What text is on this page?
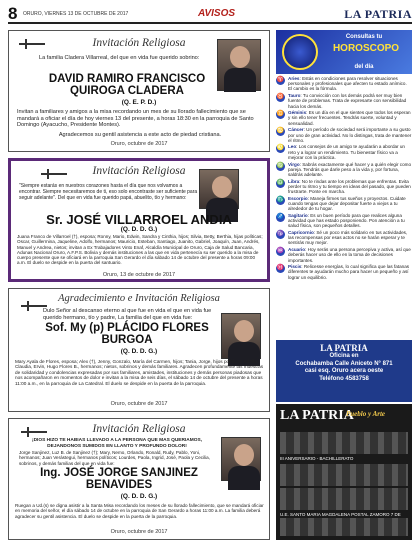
8 ORURO, VIERNES 13 DE OCTUBRE DE 2017	AVISOS	LA PATRIA
Invitación Religiosa
La familia Cladera Villarreal, del que en vida fue querido sobrino:
DAVID RAMIRO FRANCISCO QUIROGA CLADERA
(Q. E. P. D.)
Invitan a familiares y amigos a la misa recordando un mes de su llorado fallecimiento que se mandará a oficiar el día de hoy viernes 13 del presente, a horas 18:30 en la parroquia de Santo Domingo (Ayacucho, Presidente Montes).
Agradecemos su gentil asistencia a este acto de piedad cristiana.
Oruro, octubre de 2017
Invitación Religiosa
"Siempre estarás en nuestros corazones hasta el día que nos volvamos a encontrar. Siempre necesitaremos de ti, eso solo encontraste ser suficiente para seguir adelante". Del que en vida fue querido papá, abuelito, tío y hermano:
Sr. JOSÉ VILLARROEL ANDIA
(Q. D. D. G.)
Juana Franco de Villarroel (†), esposa; Ronny, Mario, Edwin, Sandra y Cinthia, hijos; Silvia, Betty, Berthia, hijas políticas; Oscar, Guillermina, Jaqueline, Adolfo, hermanos; Mauricio, Esteban, Santiago, Juanito, Gabriel, Joaquín, Juan, Andrés, Manuel y Andrea, nietos; invitan a Ex Trabajadores Vinto Enaf, Alcaldía Municipal de Oruro, Caja de Salud Bancaria, Adunas Nacional Oruro, A.F.P.S. Bolivia y demás instituciones a las que en vida pertenecía su ser querido a la misa de cuerpo presente que se oficiará en la parroquia San Gerardo el día sábado 14 de octubre del presente a horas 09:00 a.m. El duelo se despide en la puerta del santuario.
Oruro, 13 de octubre de 2017
Agradecimiento e Invitación Religiosa
Dulo Señor al descanso eterno al que fue en vida el que en vida fue querido hermano, tío y padre, La familia del que en vida fue:
Sof. My (p) PLÁCIDO FLORES BURGOA
(Q. D. D. G.)
Mary Ayala de Flores, esposa; Alex (†), Jenny, Gonzalo, María del Carmen, hijos; Tania, Jorge, hijos políticos; Adolfo, Claudia, Ervin, Hugo Flores B., hermanos; nietos, sobrinos y demás familiares. Agradecen profundamente las muestras de solidaridad y condolencias expresadas por sus familiares, amistades, instituciones y demás personas piadosas que nos acompañaron en momentos de dolor e invitan a la misa de seis días, el sábado 14 de octubre del presente a horas 11:00 a.m., en la parroquia de La Catedral. El duelo se despide en la puerta de la parroquia.
Oruro, octubre de 2017
Invitación Religiosa
¡DIOS HIZO TE HABIAS LLEVADO A LA PERSONA QUE MAS QUERIAMOS, DEJANDONOS SUMIDOS EN LLANTO Y PROFUNDO DOLOR!
Jorge Sanjinez, Luz B. de Sanjinez (†); Mary, Nemo, Orlando, Ronald, Rudy, Pablo, Yoni, hermanos; Juan Verástegui, hermanos políticos; Lourdes, Paola, Ingrid, José, Paola y Cecilia, sobrinos, y demás familias del que en vida fue:
Ing. JOSÉ JORGE SANJINEZ BENAVIDES
(Q. D. D. G.)
Ruegan a Ud.(s) se digna asistir a la Santa Misa recordando los meses de su llorado fallecimiento, que se mandará oficiar en memoria del señor, el día sábado 14 de octubre en la parroquia de San Gerardo a horas 11:00 a.m. La familia deberá agradecer su gentil asistencia. El duelo se despide en la puerta de la parroquia.
Oruro, octubre de 2017
Consultas tu
HOROSCOPO
del día
♈ Aries: Estás en condiciones para resolver situaciones personales y profesionales que afecten tu estado anímico. El cambio es la fórmula.
♉ Tauro: Tu convicción con los demás podrá ser muy bien fuente de problemas. Trata de expresarte con sensibilidad hacia los demás.
♊ Géminis: Es un día en el que sientes que todos los esperan y sin ello tener frecuentes. Tendrás suerte, voluntad y sensualidad.
♋ Cáncer: Un período de sociedad será importante a su gusto por uno de gran actividad. No lo distingas, trata de mantener el ritmo.
♌ Leo: Los consejos de un amigo te ayudarán a abordar un reto y a lograr un rendimiento. Tu bienestar físico va a mejorar con la práctica.
♍ Virgo: Sabrás exactamente qué hacer y a quién elegir como pareja. Tendrás que darle peso a la vida y, por fortuna, saldrás adelante.
♎ Libra: No te rindas ante los problemas que enfrentas. Evita perder tu ritmo y tu tiempo en ideas del pasado, que pueden frustrarte. Ponte en marcha.
♏ Escorpio: Maneja firmes tus sueños y proyectos. Cuidate cuando tengas que dejar depositar fuerte a viejos a tu alrededor de tu hogar.
♐ Sagitario: Es un buen período para que realices alguna actividad que has estado posponiendo. Pon atención a tu salud física, son pequeños detalles.
♑ Capricornio: Sé un poco más solidario en tus actividades, las recompensas por esas actos no se harán esperar y te sentirás muy mejor.
♒ Acuario: Hoy serás una persona percepiva y activa, así que deberás hacer uso de ello en la toma de decisiones importantes.
♓ Piscis: Relicesse energías, lo cual significa que las fatanas diferentes te ayudarán mucho para hacer un pequeño y así lograr un equilibrio.
LA PATRIA
Oficina en
Cochabamba Calle Aniceto N° 871
casi esq. Oruro acera oeste
Teléfono 4583758
LA PATRIA
Pueblo y Arte
III ANIVERSARIO - BACHILLERATO
U.E. SANTO MARIA MAGDALENA POSTAL ZAMORO 7 DE
